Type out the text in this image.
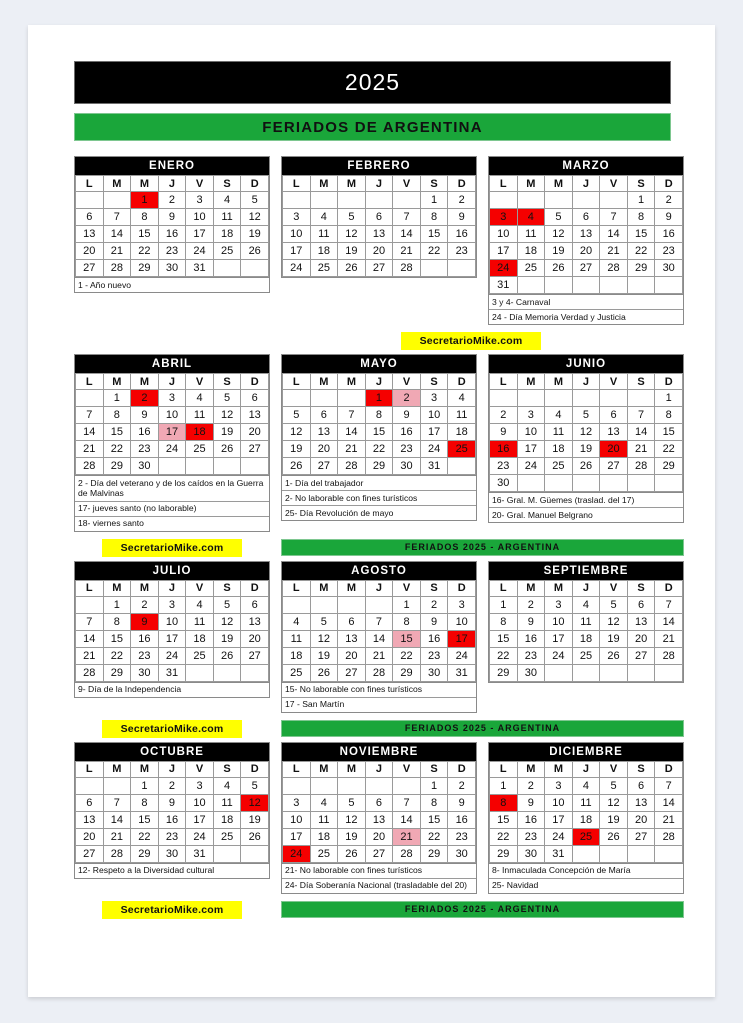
2025
FERIADOS DE ARGENTINA
ENERO
L	M	M	J	V	S	D
		1	2	3	4	5
6	7	8	9	10	11	12
13	14	15	16	17	18	19
20	21	22	23	24	25	26
27	28	29	30	31		
1 - Año nuevo
FEBRERO
L	M	M	J	V	S	D
					1	2
3	4	5	6	7	8	9
10	11	12	13	14	15	16
17	18	19	20	21	22	23
24	25	26	27	28		
MARZO
L	M	M	J	V	S	D
					1	2
3	4	5	6	7	8	9
10	11	12	13	14	15	16
17	18	19	20	21	22	23
24	25	26	27	28	29	30
31						
3 y 4- Carnaval
24 - Día Memoria Verdad y Justicia
SecretarioMike.com
ABRIL
L	M	M	J	V	S	D
	1	2	3	4	5	6
7	8	9	10	11	12	13
14	15	16	17	18	19	20
21	22	23	24	25	26	27
28	29	30				
2 - Día del veterano y de los caídos en la Guerra de Malvinas
17- jueves santo (no laborable)
18- viernes santo
MAYO
L	M	M	J	V	S	D
			1	2	3	4
5	6	7	8	9	10	11
12	13	14	15	16	17	18
19	20	21	22	23	24	25
26	27	28	29	30	31	
1- Día del trabajador
2- No laborable con fines turísticos
25- Día Revolución de mayo
JUNIO
L	M	M	J	V	S	D
						1
2	3	4	5	6	7	8
9	10	11	12	13	14	15
16	17	18	19	20	21	22
23	24	25	26	27	28	29
30						
16- Gral. M. Güemes (traslad. del 17)
20- Gral. Manuel Belgrano
SecretarioMike.com	FERIADOS 2025 - ARGENTINA
JULIO
L	M	M	J	V	S	D
	1	2	3	4	5	6
7	8	9	10	11	12	13
14	15	16	17	18	19	20
21	22	23	24	25	26	27
28	29	30	31			
9- Día de la Independencia
AGOSTO
L	M	M	J	V	S	D
				1	2	3
4	5	6	7	8	9	10
11	12	13	14	15	16	17
18	19	20	21	22	23	24
25	26	27	28	29	30	31
15- No laborable con fines turísticos
17 - San Martín
SEPTIEMBRE
L	M	M	J	V	S	D
1	2	3	4	5	6	7
8	9	10	11	12	13	14
15	16	17	18	19	20	21
22	23	24	25	26	27	28
29	30					
SecretarioMike.com	FERIADOS 2025 - ARGENTINA
OCTUBRE
L	M	M	J	V	S	D
		1	2	3	4	5
6	7	8	9	10	11	12
13	14	15	16	17	18	19
20	21	22	23	24	25	26
27	28	29	30	31		
12- Respeto a la Diversidad cultural
NOVIEMBRE
L	M	M	J	V	S	D
					1	2
3	4	5	6	7	8	9
10	11	12	13	14	15	16
17	18	19	20	21	22	23
24	25	26	27	28	29	30
21- No laborable con fines turísticos
24- Día Soberanía Nacional (trasladable del 20)
DICIEMBRE
L	M	M	J	V	S	D
1	2	3	4	5	6	7
8	9	10	11	12	13	14
15	16	17	18	19	20	21
22	23	24	25	26	27	28
29	30	31				
8- Inmaculada Concepción de María
25- Navidad
SecretarioMike.com	FERIADOS 2025 - ARGENTINA
